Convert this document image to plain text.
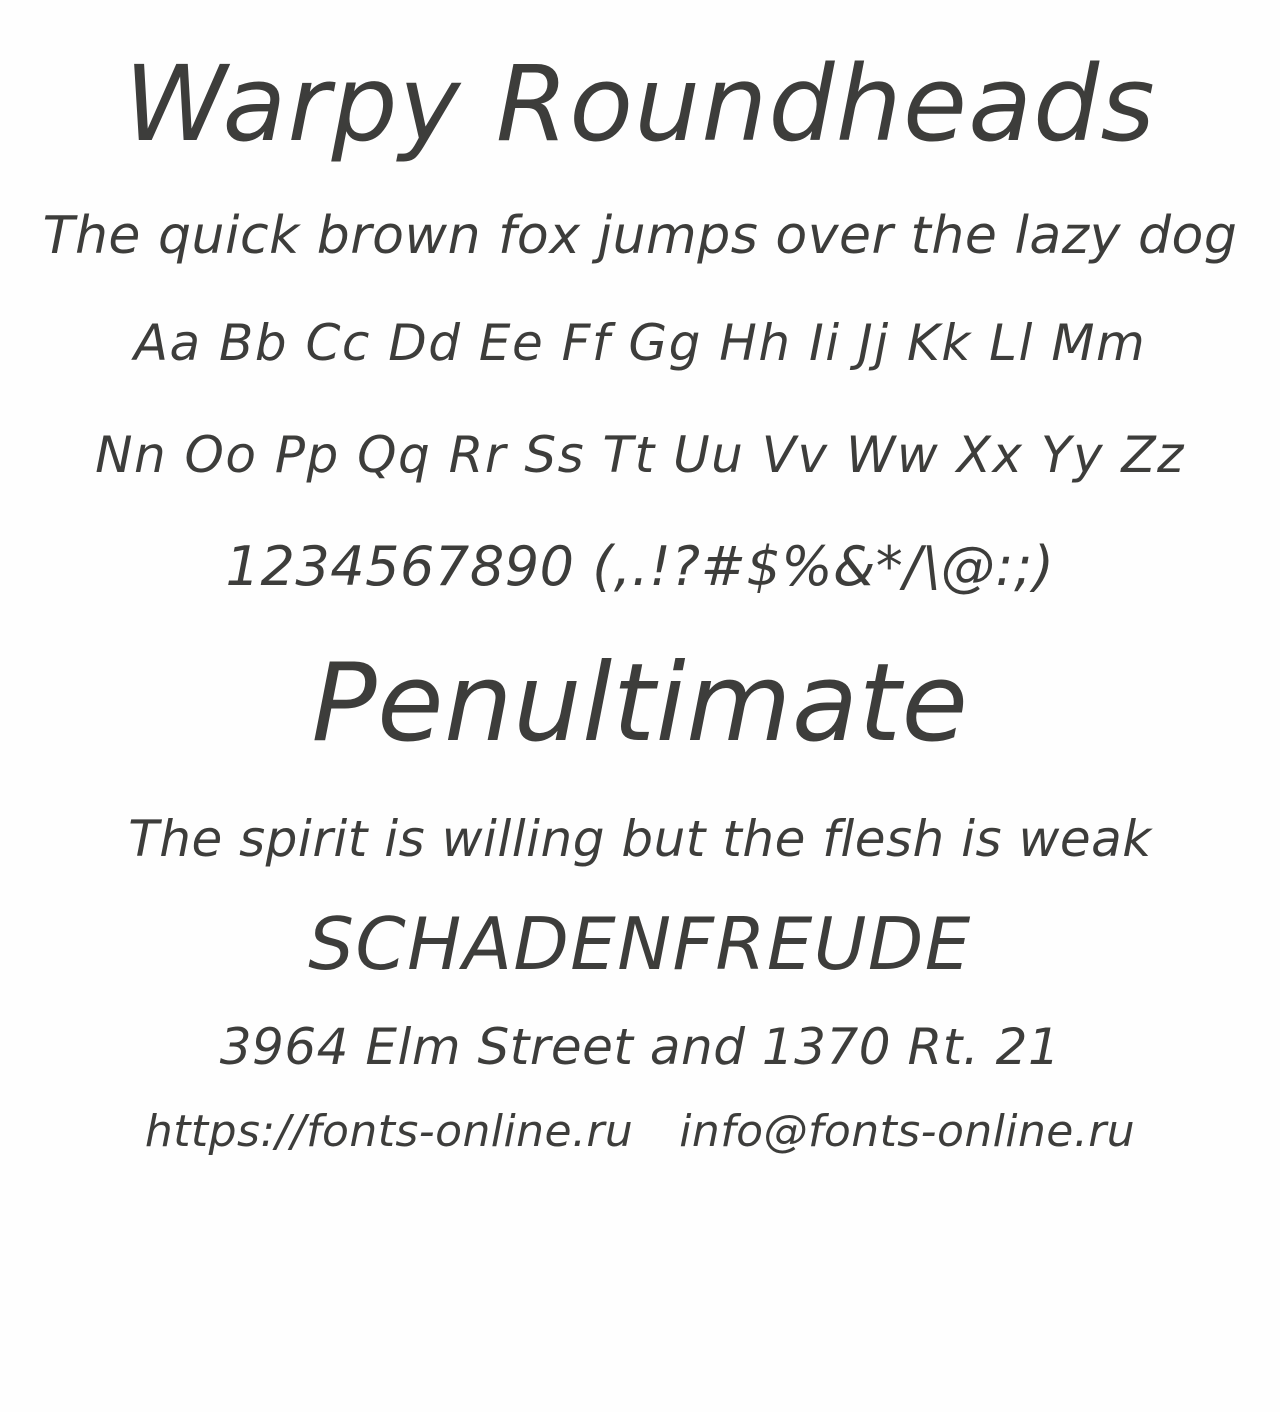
Warpy Roundheads
The quick brown fox jumps over the lazy dog
Aa Bb Cc Dd Ee Ff Gg Hh Ii Jj Kk Ll Mm
Nn Oo Pp Qq Rr Ss Tt Uu Vv Ww Xx Yy Zz
1234567890 (,.!?#$%&*/\@:;)
Penultimate
The spirit is willing but the flesh is weak
SCHADENFREUDE
3964 Elm Street and 1370 Rt. 21
https://fonts-online.ru info@fonts-online.ru
